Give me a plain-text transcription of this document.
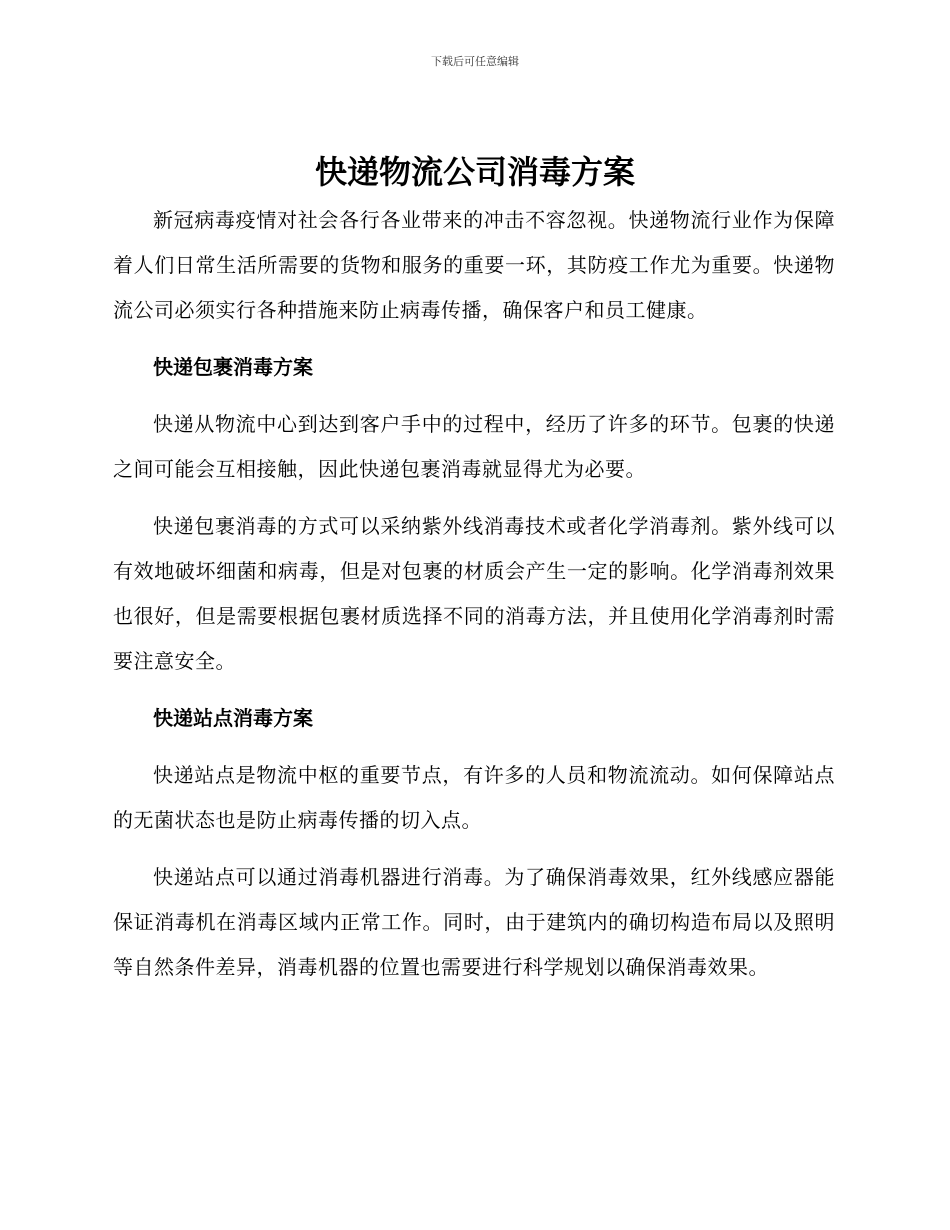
下载后可任意编辑
快递物流公司消毒方案

新冠病毒疫情对社会各行各业带来的冲击不容忽视。快递物流行业作为保障着人们日常生活所需要的货物和服务的重要一环，其防疫工作尤为重要。快递物流公司必须实行各种措施来防止病毒传播，确保客户和员工健康。

快递包裹消毒方案

快递从物流中心到达到客户手中的过程中，经历了许多的环节。包裹的快递之间可能会互相接触，因此快递包裹消毒就显得尤为必要。

快递包裹消毒的方式可以采纳紫外线消毒技术或者化学消毒剂。紫外线可以有效地破坏细菌和病毒，但是对包裹的材质会产生一定的影响。化学消毒剂效果也很好，但是需要根据包裹材质选择不同的消毒方法，并且使用化学消毒剂时需要注意安全。

快递站点消毒方案

快递站点是物流中枢的重要节点，有许多的人员和物流流动。如何保障站点的无菌状态也是防止病毒传播的切入点。

快递站点可以通过消毒机器进行消毒。为了确保消毒效果，红外线感应器能保证消毒机在消毒区域内正常工作。同时，由于建筑内的确切构造布局以及照明等自然条件差异，消毒机器的位置也需要进行科学规划以确保消毒效果。
